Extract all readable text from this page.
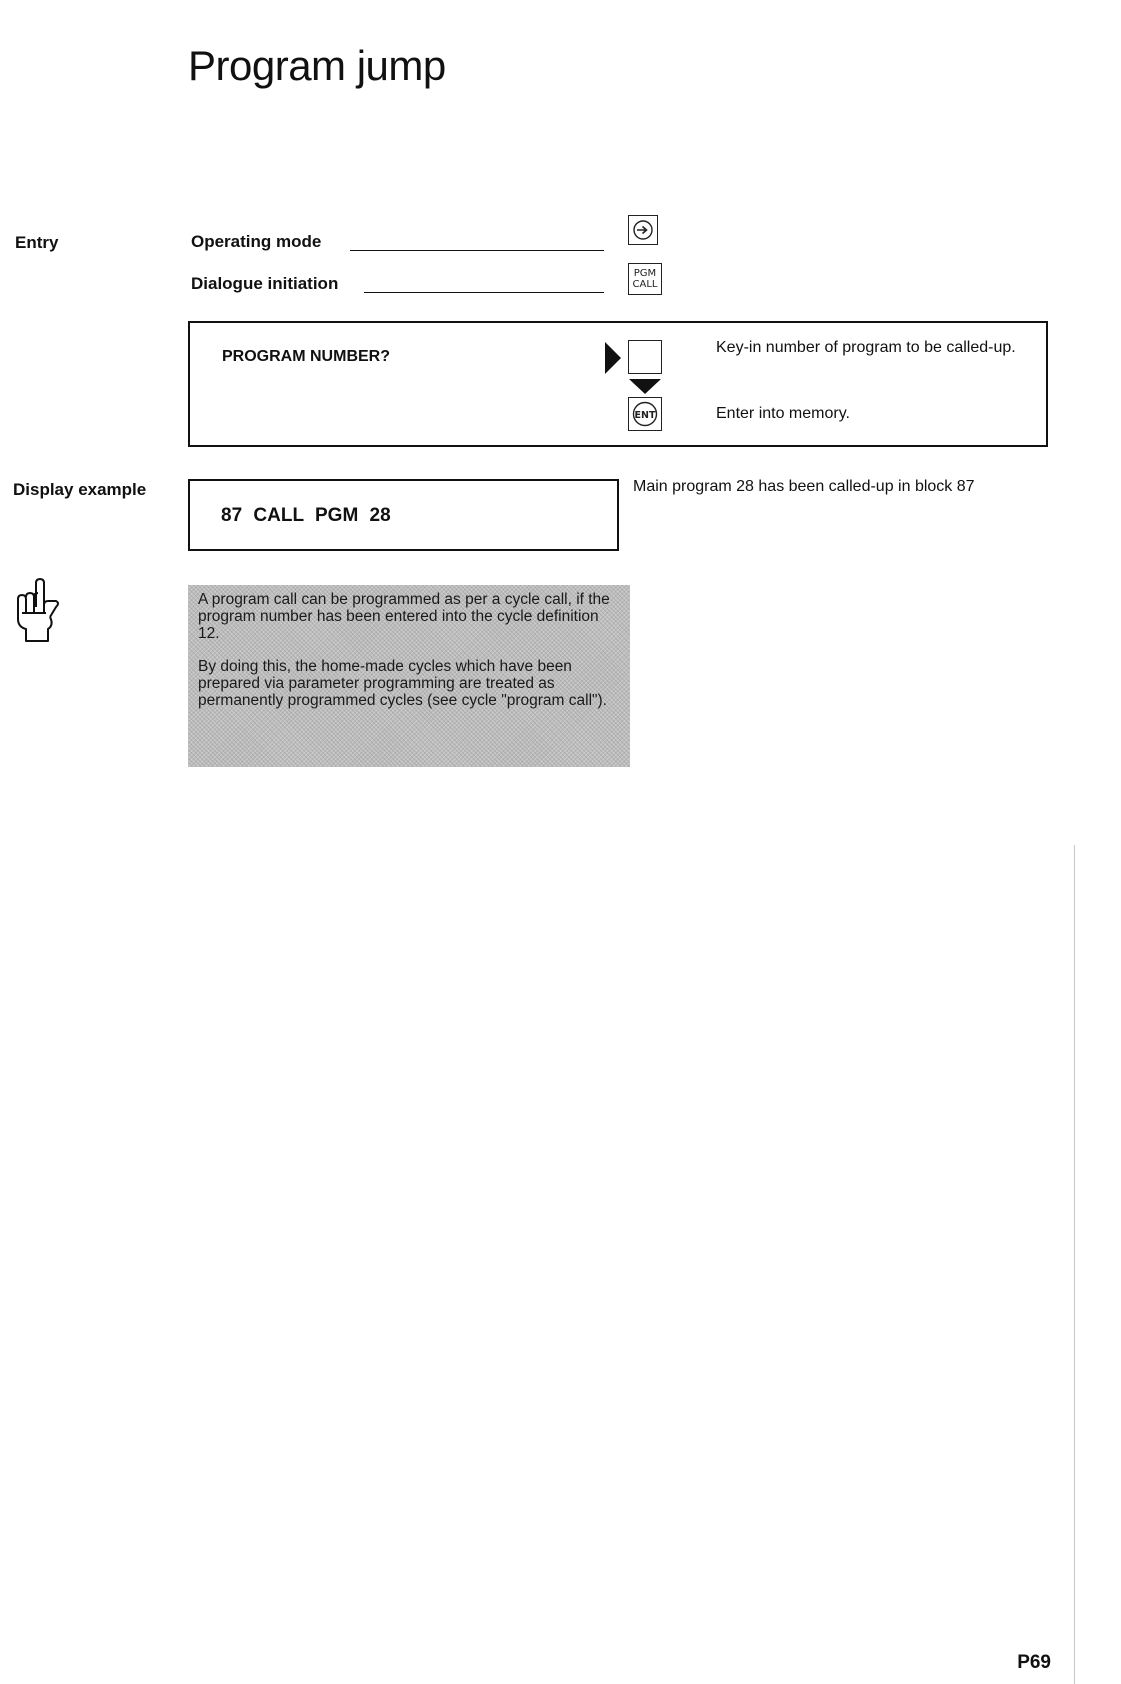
Program jump
Entry	Operating mode
Dialogue initiation
PGM
CALL
PROGRAM NUMBER?
ENT
Key-in number of program to be called-up.
Enter into memory.
Display example
87 CALL PGM 28
Main program 28 has been called-up in block 87

A program call can be programmed as per a cycle call, if the program number has been entered into the cycle definition 12.

By doing this, the home-made cycles which have been prepared via parameter programming are treated as permanently programmed cycles (see cycle "program call").

P69
